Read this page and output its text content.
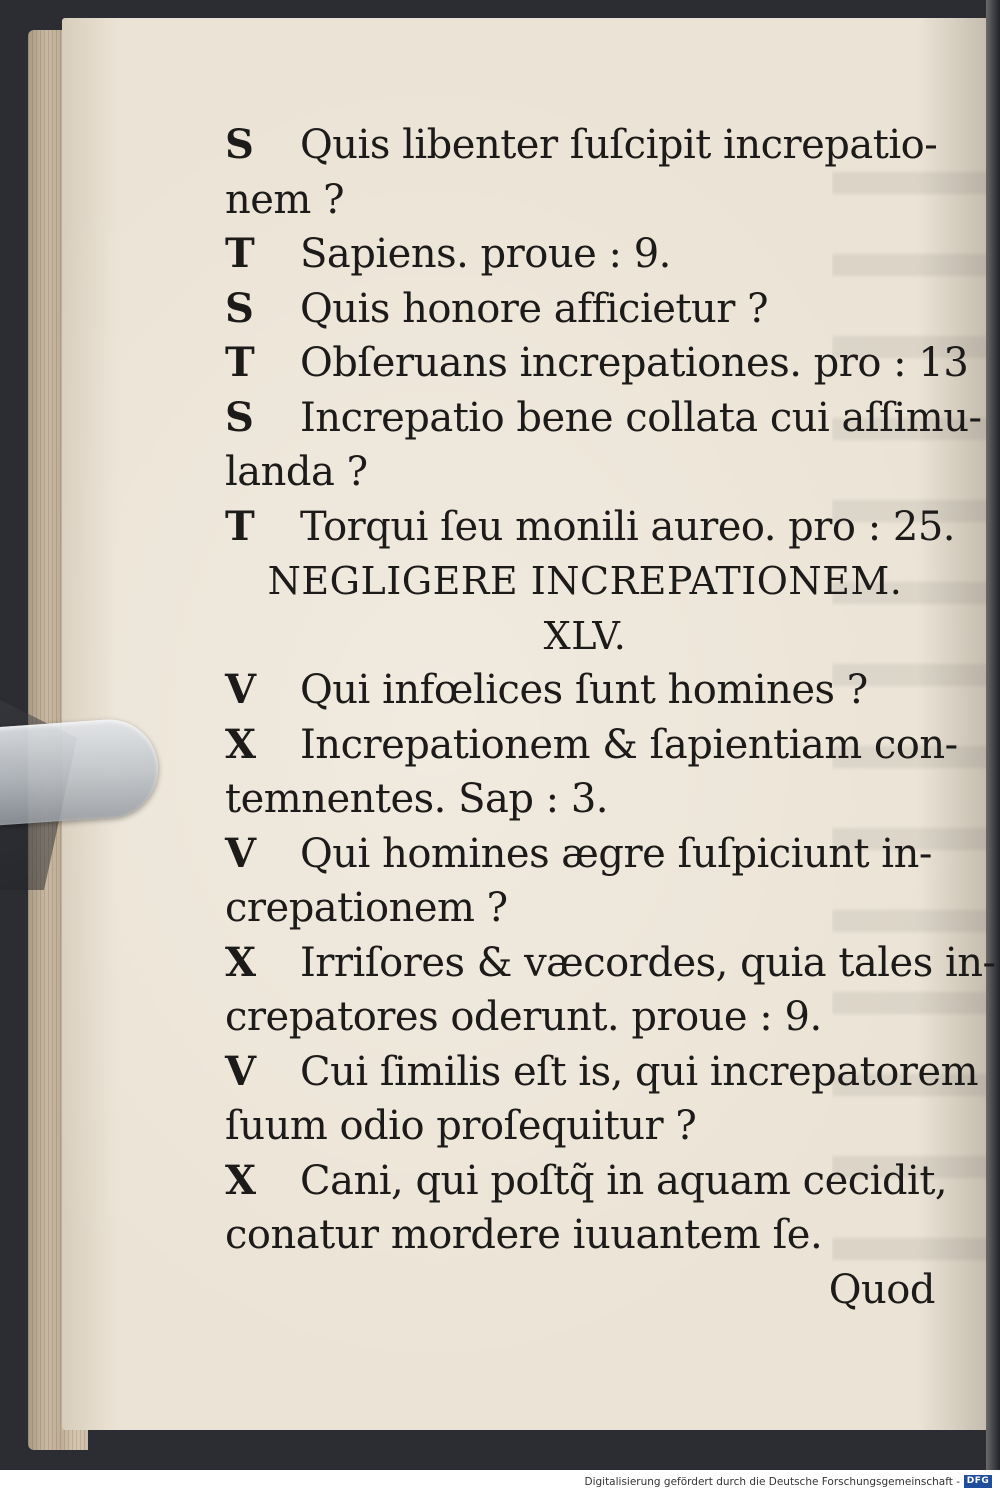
S Quis libenter ſuſcipit increpatio-
nem ?
T Sapiens. proue : 9.
S Quis honore afficietur ?
T Obſeruans increpationes. pro : 13
S Increpatio bene collata cui aſſimu-
landa ?
T Torqui ſeu monili aureo. pro : 25.
NEGLIGERE INCREPATIONEM.
XLV.
V Qui infœlices ſunt homines ?
X Increpationem & ſapientiam con-
temnentes. Sap : 3.
V Qui homines ægre ſuſpiciunt in-
crepationem ?
X Irriſores & væcordes, quia tales in-
crepatores oderunt. proue : 9.
V Cui ſimilis eſt is, qui increpatorem
ſuum odio proſequitur ?
X Cani, qui poſtq̃ in aquam cecidit,
conatur mordere iuuantem ſe.
Quod
Digitalisierung gefördert durch die Deutsche Forschungsgemeinschaft - DFG
